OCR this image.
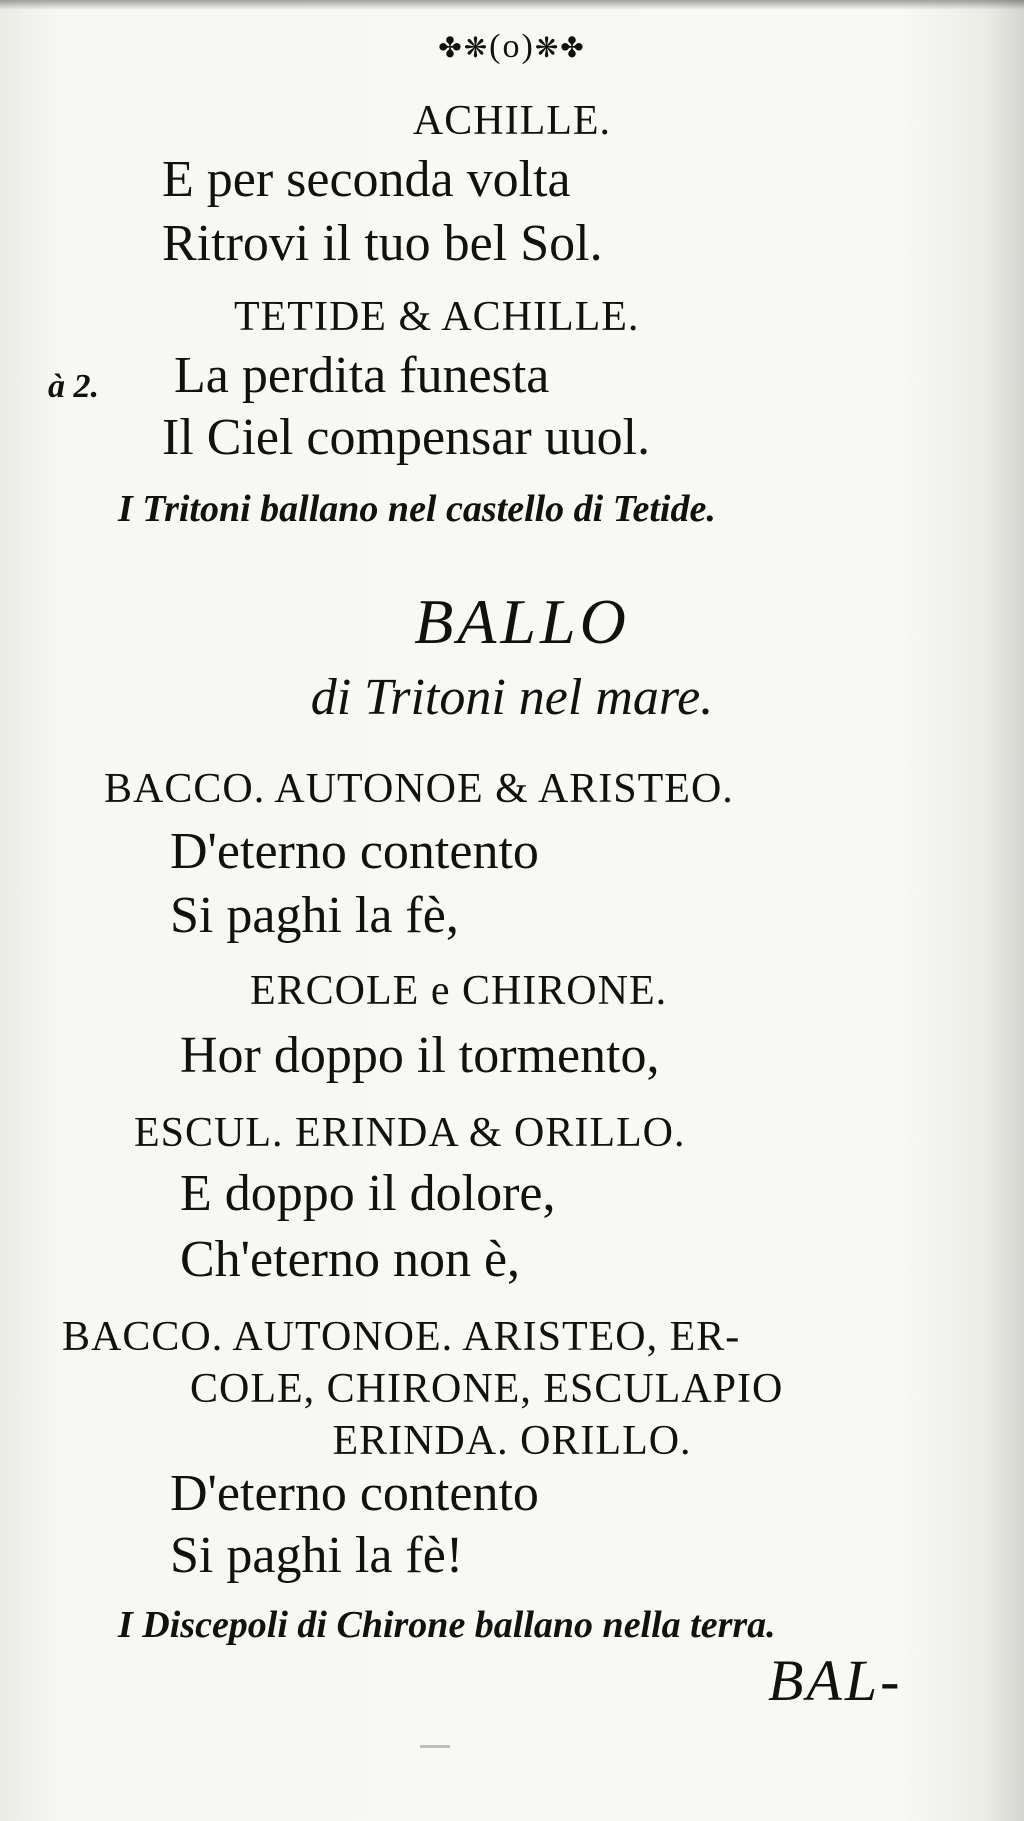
✤❋(o)❋✤
ACHILLE.
E per seconda volta
Ritrovi il tuo bel Sol.
TETIDE & ACHILLE.
à 2. La perdita funesta
Il Ciel compensar uuol.
I Tritoni ballano nel castello di Tetide.
BALLO
di Tritoni nel mare.
BACCO. AUTONOE & ARISTEO.
D'eterno contento
Si paghi la fè,
ERCOLE e CHIRONE.
Hor doppo il tormento,
ESCUL. ERINDA & ORILLO.
E doppo il dolore,
Ch'eterno non è,
BACCO. AUTONOE. ARISTEO, ER-
COLE, CHIRONE, ESCULAPIO
ERINDA. ORILLO.
D'eterno contento
Si paghi la fè!
I Discepoli di Chirone ballano nella terra.
BAL-
